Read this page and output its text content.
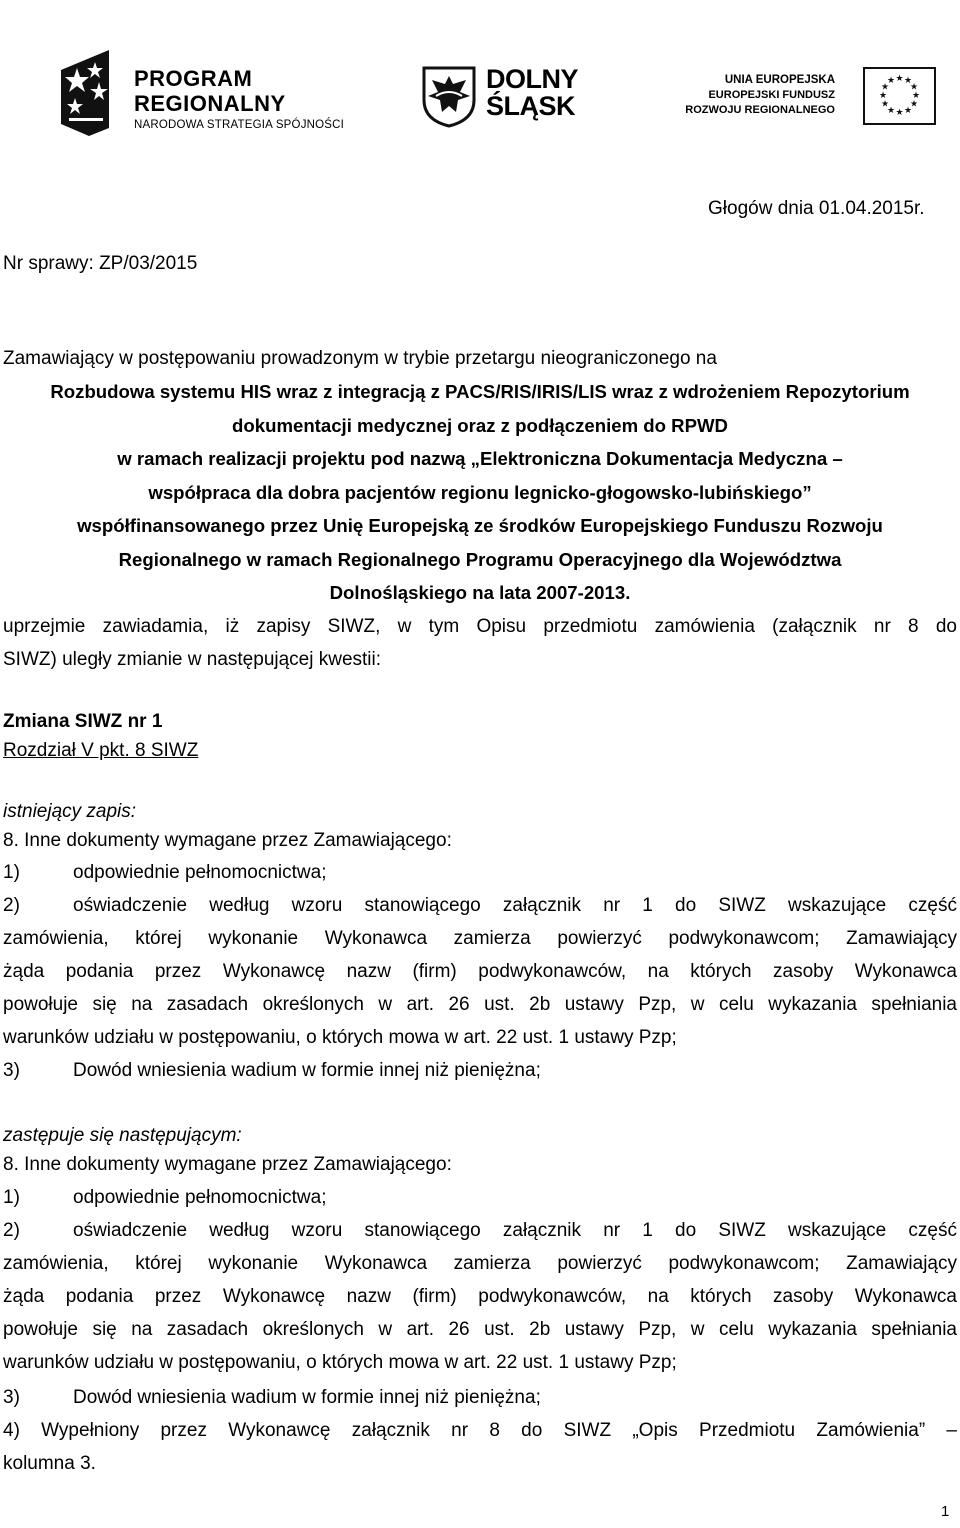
PROGRAM
REGIONALNY
NARODOWA STRATEGIA SPÓJNOŚCI
DOLNY
ŚLĄSK
UNIA EUROPEJSKA
EUROPEJSKI FUNDUSZ
ROZWOJU REGIONALNEGO
★ ★
★
★
★
★
★
★
★
★
★
★
Głogów dnia 01.04.2015r.
Nr sprawy: ZP/03/2015
Zamawiający w postępowaniu prowadzonym w trybie przetargu nieograniczonego na
Rozbudowa systemu HIS wraz z integracją z PACS/RIS/IRIS/LIS wraz z wdrożeniem Repozytorium
dokumentacji medycznej oraz z podłączeniem do RPWD
w ramach realizacji projektu pod nazwą „Elektroniczna Dokumentacja Medyczna –
współpraca dla dobra pacjentów regionu legnicko-głogowsko-lubińskiego”
współfinansowanego przez Unię Europejską ze środków Europejskiego Funduszu Rozwoju
Regionalnego w ramach Regionalnego Programu Operacyjnego dla Województwa
Dolnośląskiego na lata 2007-2013.
uprzejmie zawiadamia, iż zapisy SIWZ, w tym Opisu przedmiotu zamówienia (załącznik nr 8 do
SIWZ) uległy zmianie w następującej kwestii:
Zmiana SIWZ nr 1
Rozdział V pkt. 8 SIWZ
istniejący zapis:
8. Inne dokumenty wymagane przez Zamawiającego:
1)	odpowiednie pełnomocnictwa;
2)	oświadczenie według wzoru stanowiącego załącznik nr 1 do SIWZ wskazujące część
zamówienia, której wykonanie Wykonawca zamierza powierzyć podwykonawcom; Zamawiający
żąda podania przez Wykonawcę nazw (firm) podwykonawców, na których zasoby Wykonawca
powołuje się na zasadach określonych w art. 26 ust. 2b ustawy Pzp, w celu wykazania spełniania
warunków udziału w postępowaniu, o których mowa w art. 22 ust. 1 ustawy Pzp;
3)	Dowód wniesienia wadium w formie innej niż pieniężna;
zastępuje się następującym:
8. Inne dokumenty wymagane przez Zamawiającego:
1)	odpowiednie pełnomocnictwa;
2)	oświadczenie według wzoru stanowiącego załącznik nr 1 do SIWZ wskazujące część
zamówienia, której wykonanie Wykonawca zamierza powierzyć podwykonawcom; Zamawiający
żąda podania przez Wykonawcę nazw (firm) podwykonawców, na których zasoby Wykonawca
powołuje się na zasadach określonych w art. 26 ust. 2b ustawy Pzp, w celu wykazania spełniania
warunków udziału w postępowaniu, o których mowa w art. 22 ust. 1 ustawy Pzp;
3)	Dowód wniesienia wadium w formie innej niż pieniężna;
4) Wypełniony przez Wykonawcę załącznik nr 8 do SIWZ „Opis Przedmiotu Zamówienia” –
kolumna 3.
1
